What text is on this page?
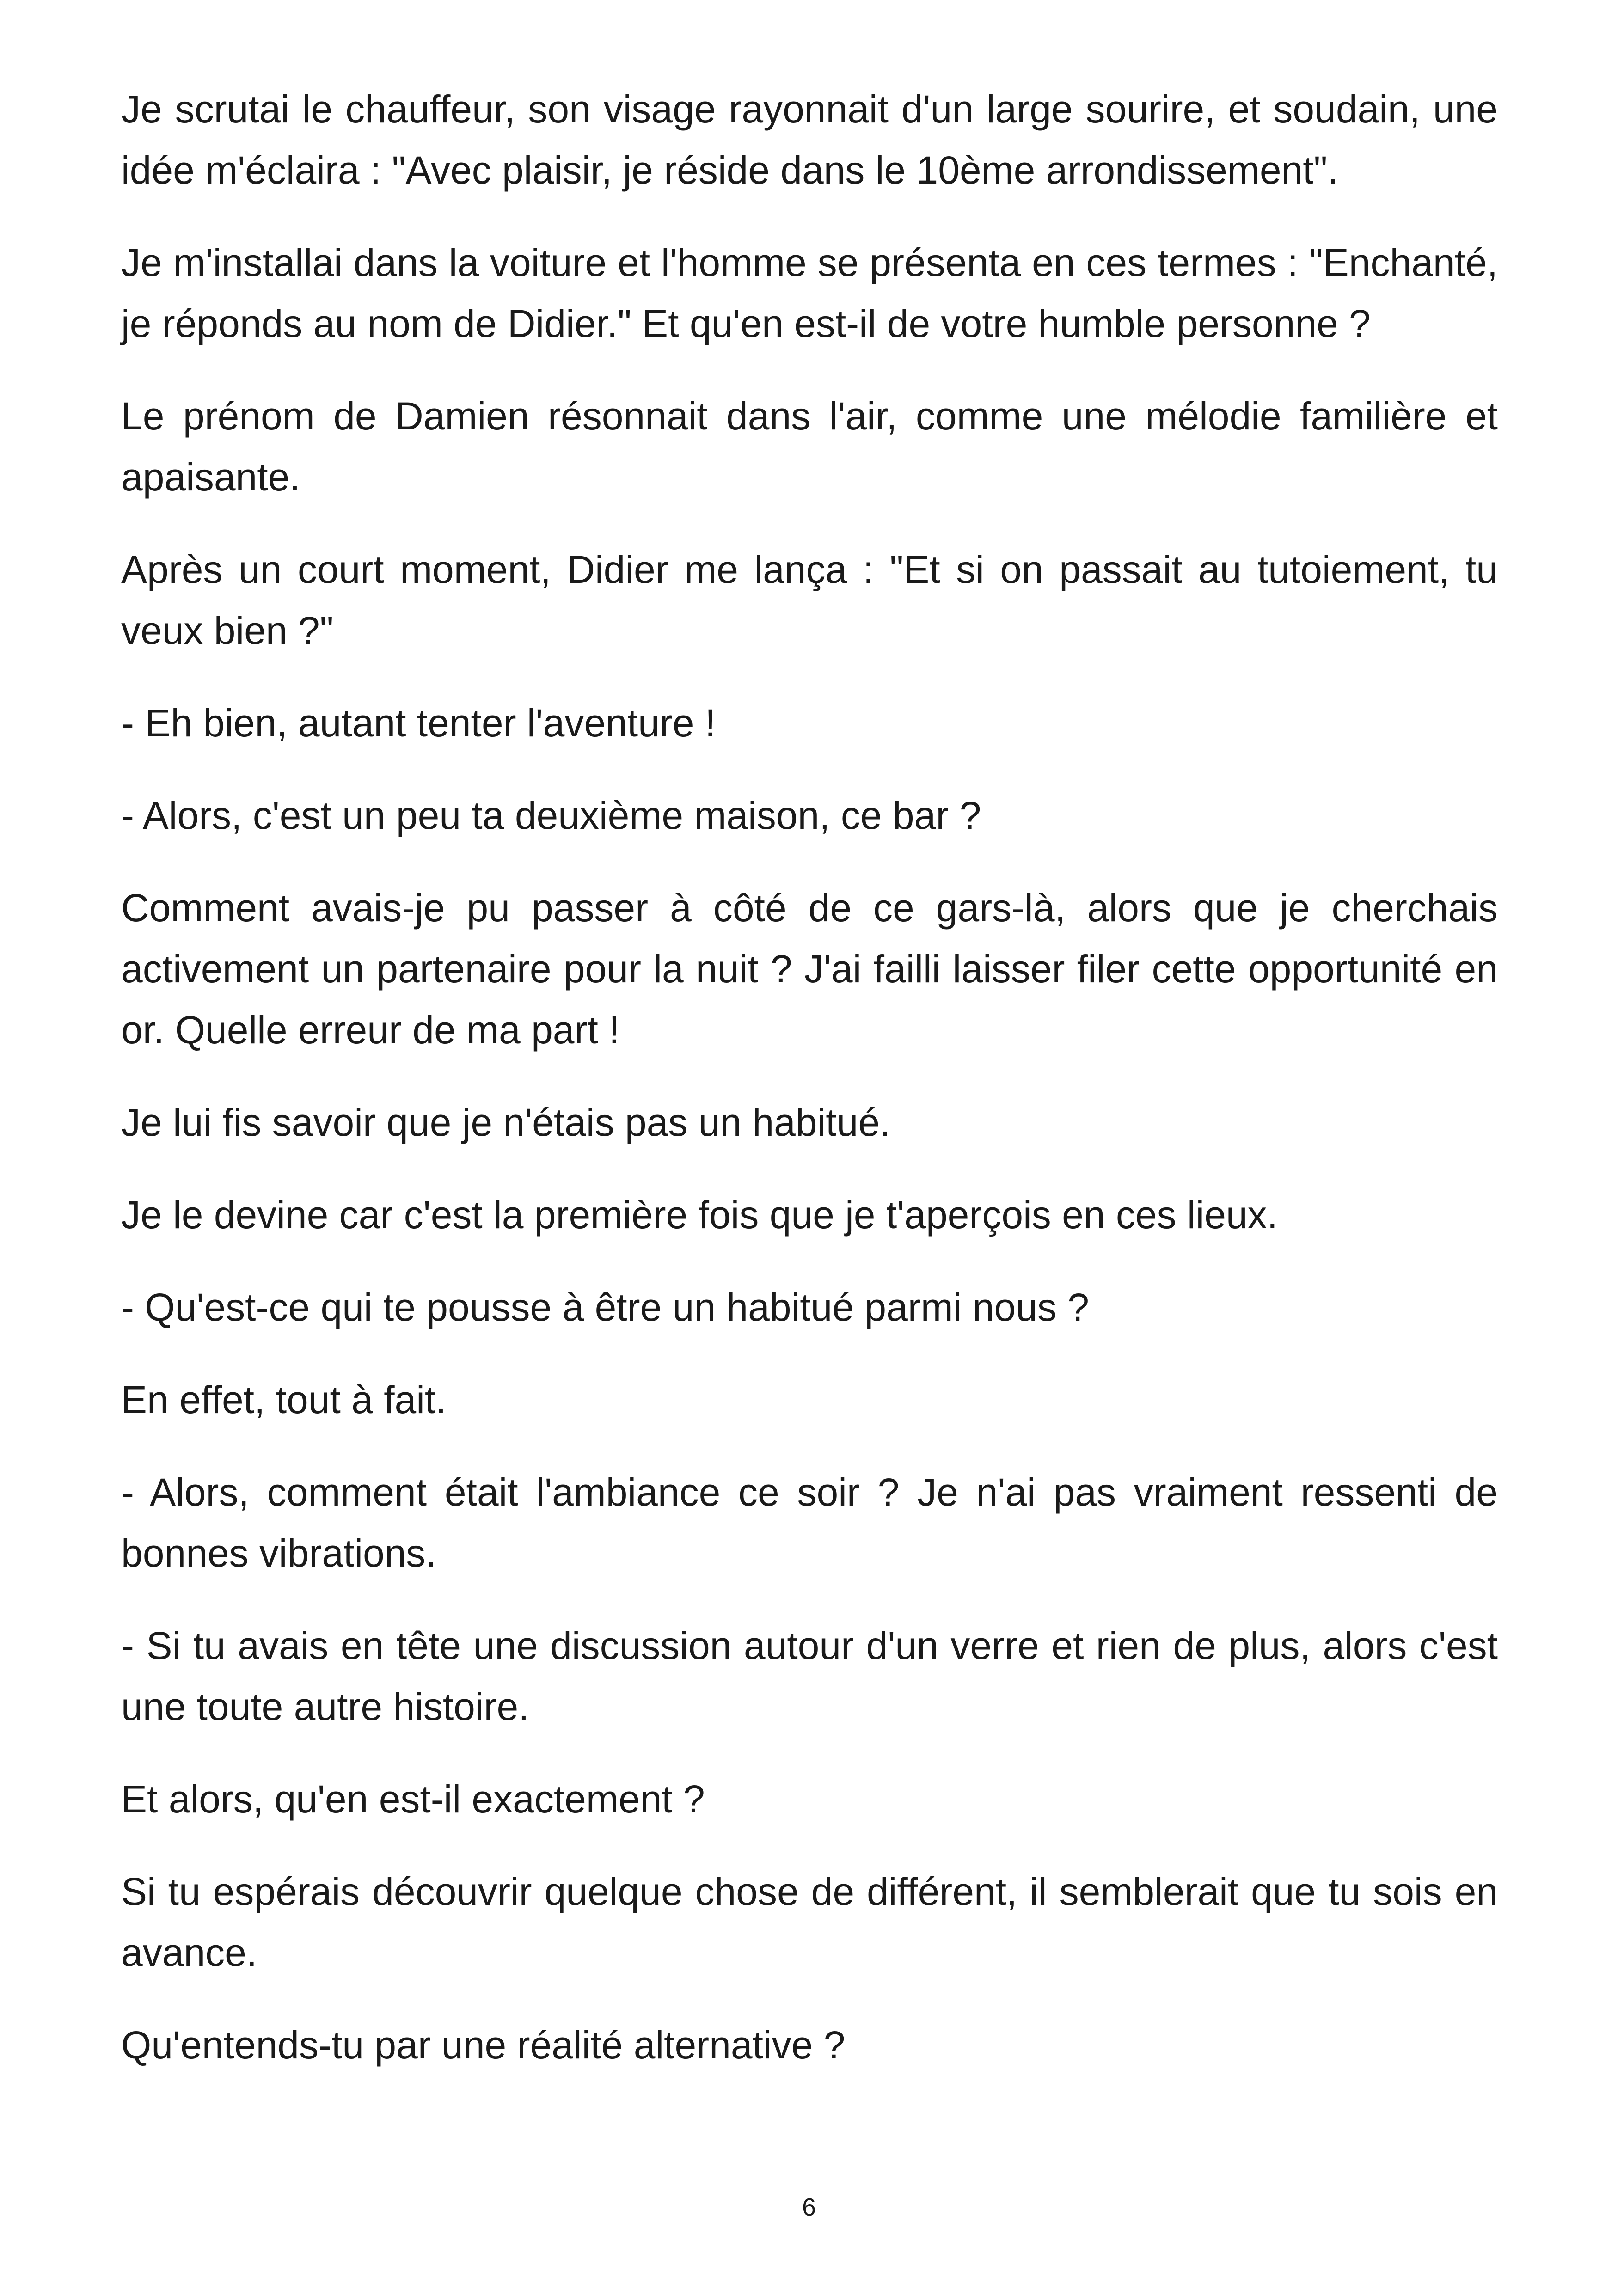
Je scrutai le chauffeur, son visage rayonnait d'un large sourire, et soudain, une idée m'éclaira : "Avec plaisir, je réside dans le 10ème arrondissement".

Je m'installai dans la voiture et l'homme se présenta en ces termes : "Enchanté, je réponds au nom de Didier." Et qu'en est-il de votre humble personne ?

Le prénom de Damien résonnait dans l'air, comme une mélodie familière et apaisante.

Après un court moment, Didier me lança : "Et si on passait au tutoiement, tu veux bien ?"

- Eh bien, autant tenter l'aventure !

- Alors, c'est un peu ta deuxième maison, ce bar ?

Comment avais-je pu passer à côté de ce gars-là, alors que je cherchais activement un partenaire pour la nuit ? J'ai failli laisser filer cette opportunité en or. Quelle erreur de ma part !

Je lui fis savoir que je n'étais pas un habitué.

Je le devine car c'est la première fois que je t'aperçois en ces lieux.

- Qu'est-ce qui te pousse à être un habitué parmi nous ?

En effet, tout à fait.

- Alors, comment était l'ambiance ce soir ? Je n'ai pas vraiment ressenti de bonnes vibrations.

- Si tu avais en tête une discussion autour d'un verre et rien de plus, alors c'est une toute autre histoire.

Et alors, qu'en est-il exactement ?

Si tu espérais découvrir quelque chose de différent, il semblerait que tu sois en avance.

Qu'entends-tu par une réalité alternative ?

6
